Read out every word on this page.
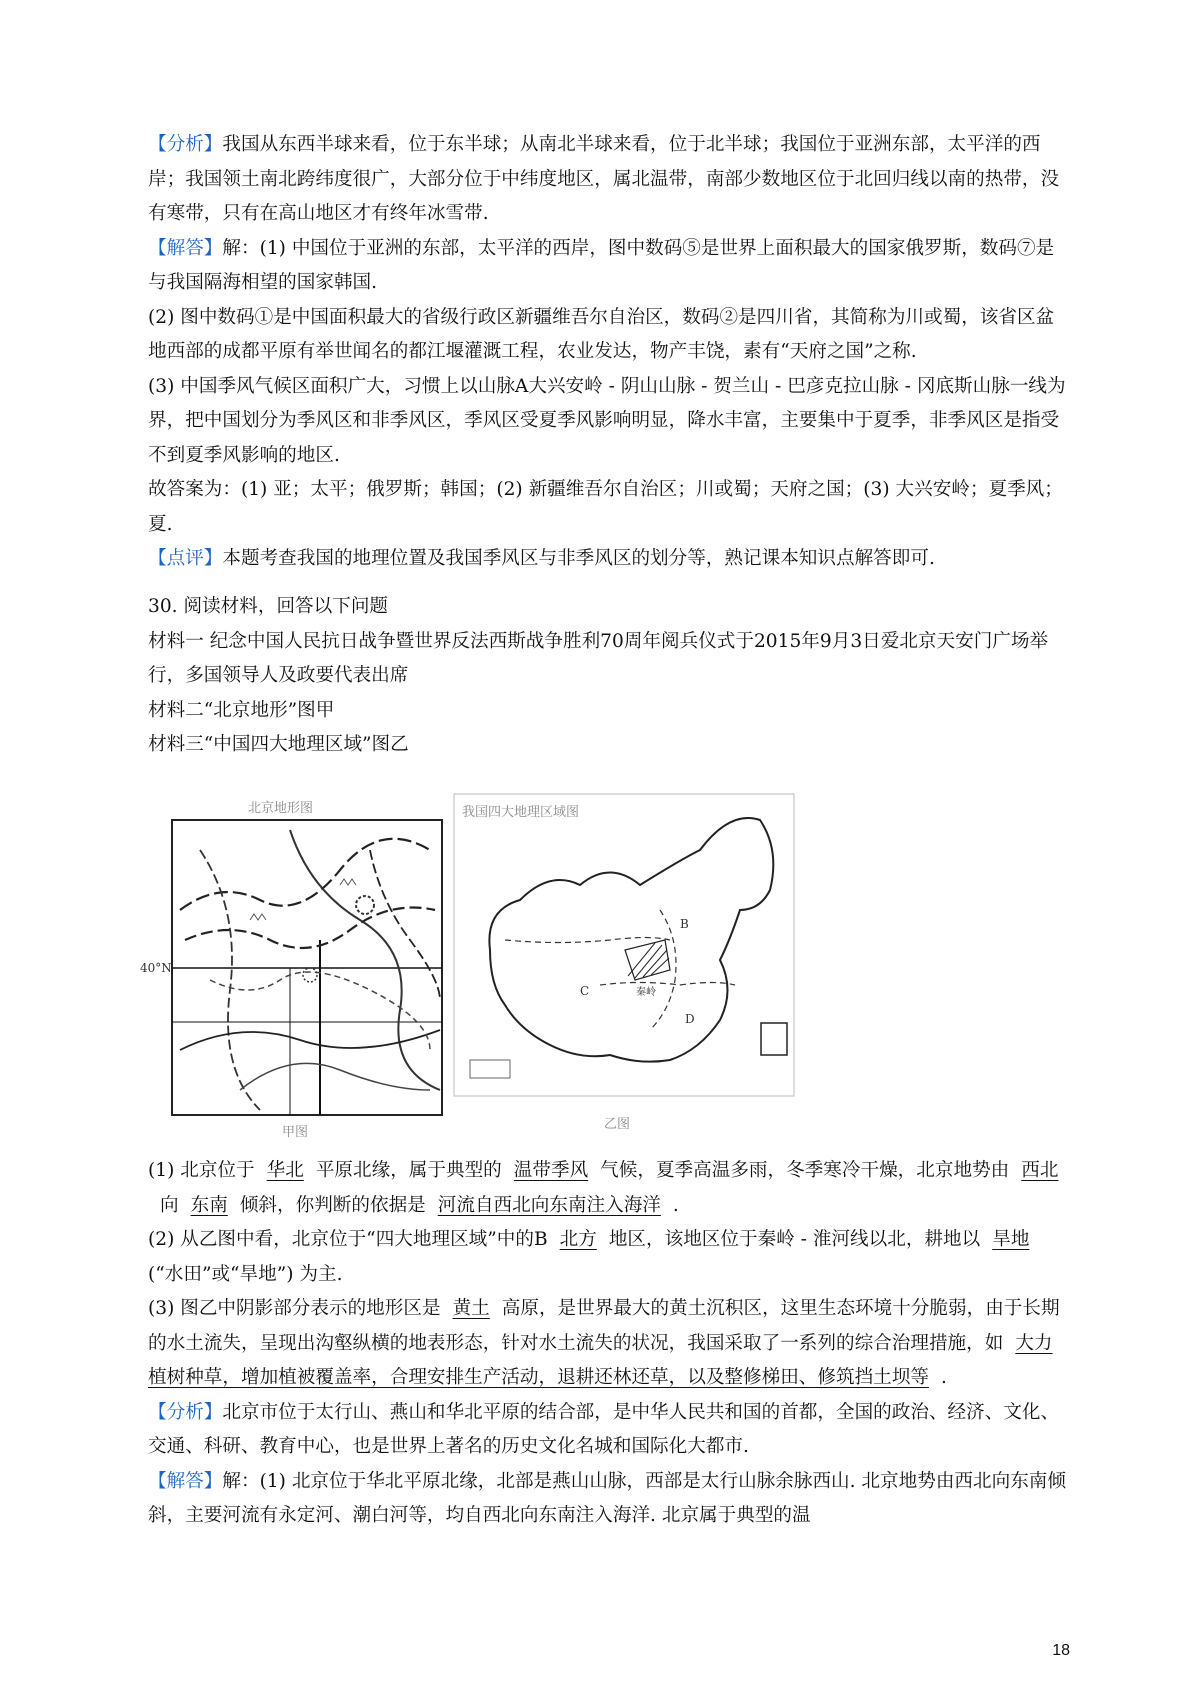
【分析】我国从东西半球来看，位于东半球；从南北半球来看，位于北半球；我国位于亚洲东部，太平洋的西岸；我国领土南北跨纬度很广，大部分位于中纬度地区，属北温带，南部少数地区位于北回归线以南的热带，没有寒带，只有在高山地区才有终年冰雪带.

【解答】解：(1) 中国位于亚洲的东部，太平洋的西岸，图中数码⑤是世界上面积最大的国家俄罗斯，数码⑦是与我国隔海相望的国家韩国.

(2) 图中数码①是中国面积最大的省级行政区新疆维吾尔自治区，数码②是四川省，其简称为川或蜀，该省区盆地西部的成都平原有举世闻名的都江堰灌溉工程，农业发达，物产丰饶，素有“天府之国”之称.

(3) 中国季风气候区面积广大，习惯上以山脉A大兴安岭 - 阴山山脉 - 贺兰山 - 巴彦克拉山脉 - 冈底斯山脉一线为界，把中国划分为季风区和非季风区，季风区受夏季风影响明显，降水丰富，主要集中于夏季，非季风区是指受不到夏季风影响的地区.

故答案为：(1) 亚；太平；俄罗斯；韩国；(2) 新疆维吾尔自治区；川或蜀；天府之国；(3) 大兴安岭；夏季风；夏.

【点评】本题考查我国的地理位置及我国季风区与非季风区的划分等，熟记课本知识点解答即可.

30. 阅读材料，回答以下问题

材料一 纪念中国人民抗日战争暨世界反法西斯战争胜利70周年阅兵仪式于2015年9月3日爱北京天安门广场举行，多国领导人及政要代表出席

材料二“北京地形”图甲

材料三“中国四大地理区域”图乙

北京地形图
40°N
甲图
我国四大地理区域图
B
C
D
秦岭
乙图

(1) 北京位于 华北 平原北缘，属于典型的 温带季风 气候，夏季高温多雨，冬季寒冷干燥，北京地势由 西北向 东南 倾斜，你判断的依据是 河流自西北向东南注入海洋 .

(2) 从乙图中看，北京位于“四大地理区域”中的B 北方 地区，该地区位于秦岭 - 淮河线以北，耕地以 旱地(“水田”或“旱地”) 为主.

(3) 图乙中阴影部分表示的地形区是 黄土 高原，是世界最大的黄土沉积区，这里生态环境十分脆弱，由于长期的水土流失，呈现出沟壑纵横的地表形态，针对水土流失的状况，我国采取了一系列的综合治理措施，如 大力植树种草，增加植被覆盖率，合理安排生产活动，退耕还林还草，以及整修梯田、修筑挡土坝等 .

【分析】北京市位于太行山、燕山和华北平原的结合部，是中华人民共和国的首都，全国的政治、经济、文化、交通、科研、教育中心，也是世界上著名的历史文化名城和国际化大都市.

【解答】解：(1) 北京位于华北平原北缘，北部是燕山山脉，西部是太行山脉余脉西山. 北京地势由西北向东南倾斜，主要河流有永定河、潮白河等，均自西北向东南注入海洋. 北京属于典型的温

18
